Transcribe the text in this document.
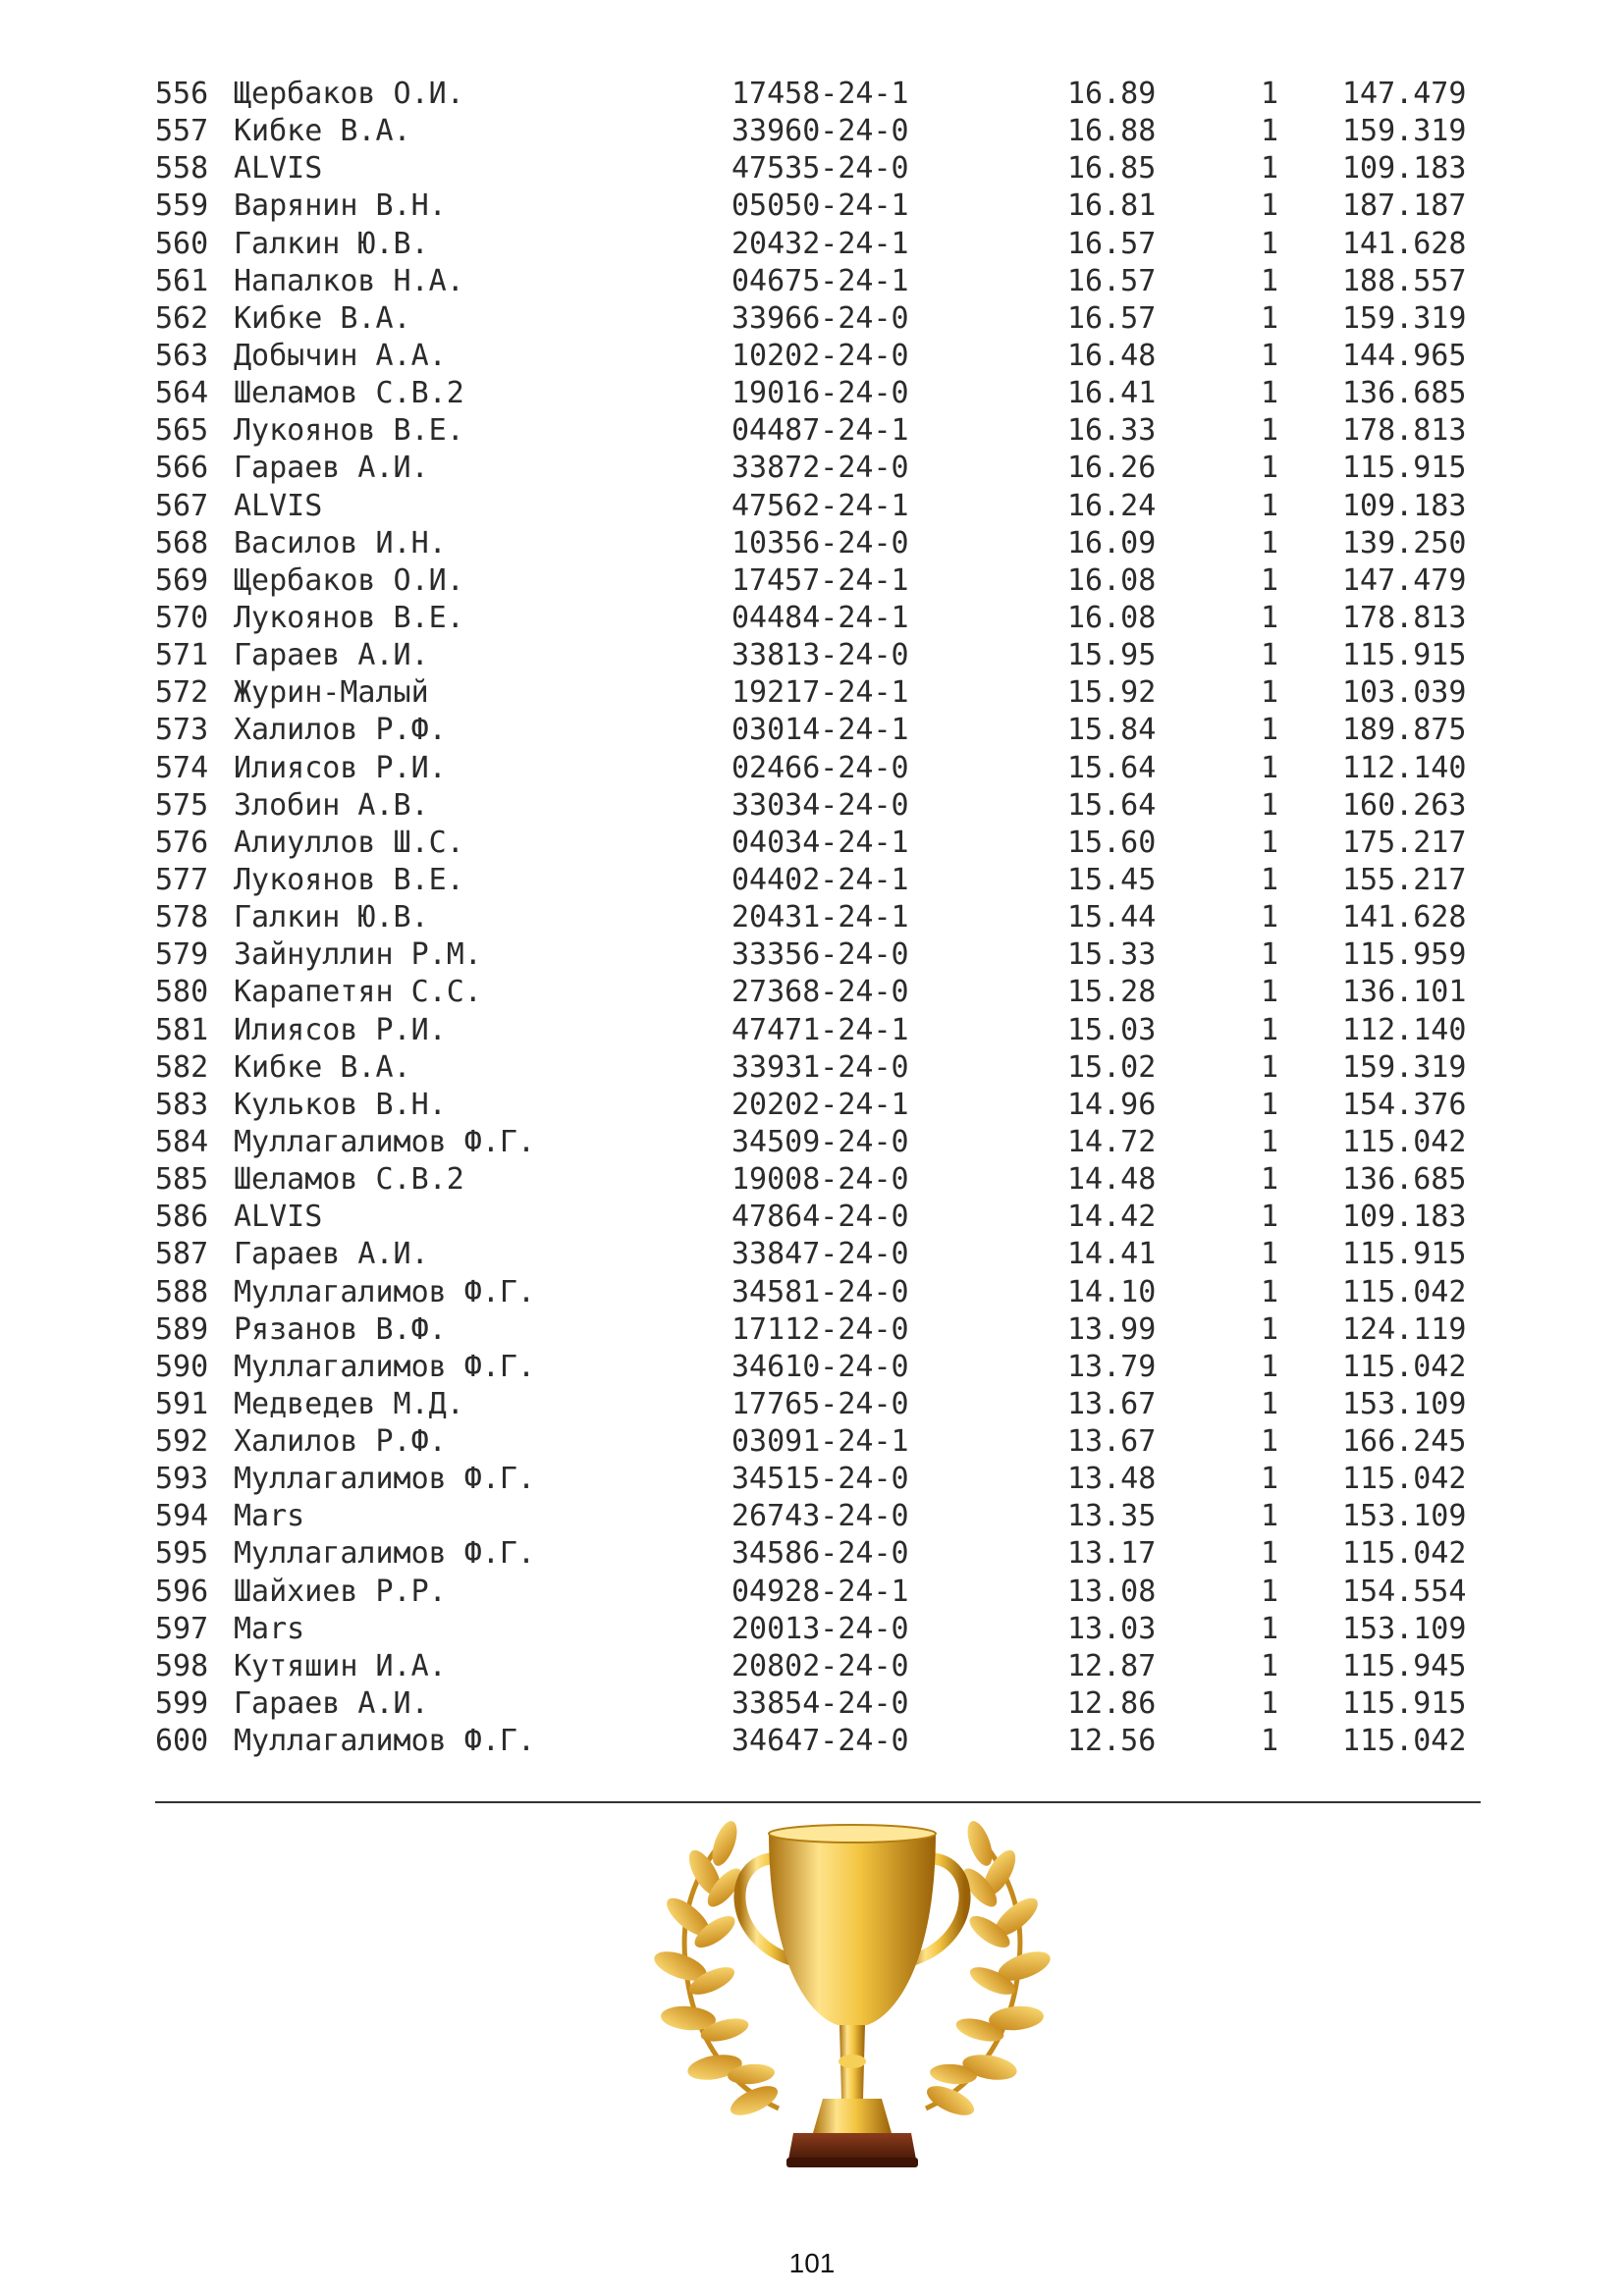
556 Щербаков О.И.	17458-24-1	16.89	1 147.479
557 Кибке В.А.	33960-24-0	16.88	1 159.319
558 ALVIS	47535-24-0	16.85	1 109.183
559 Варянин В.Н.	05050-24-1	16.81	1 187.187
560 Галкин Ю.В.	20432-24-1	16.57	1 141.628
561 Напалков Н.А.	04675-24-1	16.57	1 188.557
562 Кибке В.А.	33966-24-0	16.57	1 159.319
563 Добычин А.А.	10202-24-0	16.48	1 144.965
564 Шеламов С.В.2	19016-24-0	16.41	1 136.685
565 Лукоянов В.Е.	04487-24-1	16.33	1 178.813
566 Гараев А.И.	33872-24-0	16.26	1 115.915
567 ALVIS	47562-24-1	16.24	1 109.183
568 Василов И.Н.	10356-24-0	16.09	1 139.250
569 Щербаков О.И.	17457-24-1	16.08	1 147.479
570 Лукоянов В.Е.	04484-24-1	16.08	1 178.813
571 Гараев А.И.	33813-24-0	15.95	1 115.915
572 Журин-Малый	19217-24-1	15.92	1 103.039
573 Халилов Р.Ф.	03014-24-1	15.84	1 189.875
574 Илиясов Р.И.	02466-24-0	15.64	1 112.140
575 Злобин А.В.	33034-24-0	15.64	1 160.263
576 Алиуллов Ш.С.	04034-24-1	15.60	1 175.217
577 Лукоянов В.Е.	04402-24-1	15.45	1 155.217
578 Галкин Ю.В.	20431-24-1	15.44	1 141.628
579 Зайнуллин Р.М.	33356-24-0	15.33	1 115.959
580 Карапетян С.С.	27368-24-0	15.28	1 136.101
581 Илиясов Р.И.	47471-24-1	15.03	1 112.140
582 Кибке В.А.	33931-24-0	15.02	1 159.319
583 Кульков В.Н.	20202-24-1	14.96	1 154.376
584 Муллагалимов Ф.Г.	34509-24-0	14.72	1 115.042
585 Шеламов С.В.2	19008-24-0	14.48	1 136.685
586 ALVIS	47864-24-0	14.42	1 109.183
587 Гараев А.И.	33847-24-0	14.41	1 115.915
588 Муллагалимов Ф.Г.	34581-24-0	14.10	1 115.042
589 Рязанов В.Ф.	17112-24-0	13.99	1 124.119
590 Муллагалимов Ф.Г.	34610-24-0	13.79	1 115.042
591 Медведев М.Д.	17765-24-0	13.67	1 153.109
592 Халилов Р.Ф.	03091-24-1	13.67	1 166.245
593 Муллагалимов Ф.Г.	34515-24-0	13.48	1 115.042
594 Mars	26743-24-0	13.35	1 153.109
595 Муллагалимов Ф.Г.	34586-24-0	13.17	1 115.042
596 Шайхиев Р.Р.	04928-24-1	13.08	1 154.554
597 Mars	20013-24-0	13.03	1 153.109
598 Кутяшин И.А.	20802-24-0	12.87	1 115.945
599 Гараев А.И.	33854-24-0	12.86	1 115.915
600 Муллагалимов Ф.Г.	34647-24-0	12.56	1 115.042
101
